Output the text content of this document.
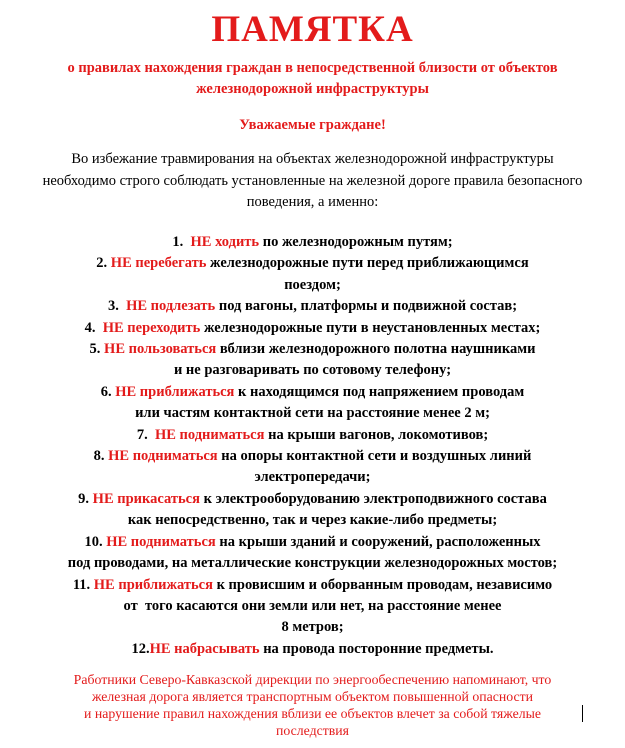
ПАМЯТКА
о правилах нахождения граждан в непосредственной близости от объектов
железнодорожной инфраструктуры
Уважаемые граждане!
Во избежание травмирования на объектах железнодорожной инфраструктуры
необходимо строго соблюдать установленные на железной дороге правила безопасного
поведения, а именно:
1.  НЕ ходить по железнодорожным путям;
2. НЕ перебегать железнодорожные пути перед приближающимся
поездом;
3.  НЕ подлезать под вагоны, платформы и подвижной состав;
4.  НЕ переходить железнодорожные пути в неустановленных местах;
5. НЕ пользоваться вблизи железнодорожного полотна наушниками
и не разговаривать по сотовому телефону;
6. НЕ приближаться к находящимся под напряжением проводам
или частям контактной сети на расстояние менее 2 м;
7.  НЕ подниматься на крыши вагонов, локомотивов;
8. НЕ подниматься на опоры контактной сети и воздушных линий
электропередачи;
9. НЕ прикасаться к электрооборудованию электроподвижного состава
как непосредственно, так и через какие-либо предметы;
10. НЕ подниматься на крыши зданий и сооружений, расположенных
под проводами, на металлические конструкции железнодорожных мостов;
11. НЕ приближаться к провисшим и оборванным проводам, независимо
от  того касаются они земли или нет, на расстояние менее
8 метров;
12.НЕ набрасывать на провода посторонние предметы.
Работники Северо-Кавказской дирекции по энергообеспечению напоминают, что
железная дорога является транспортным объектом повышенной опасности
и нарушение правил нахождения вблизи ее объектов влечет за собой тяжелые
последствия
